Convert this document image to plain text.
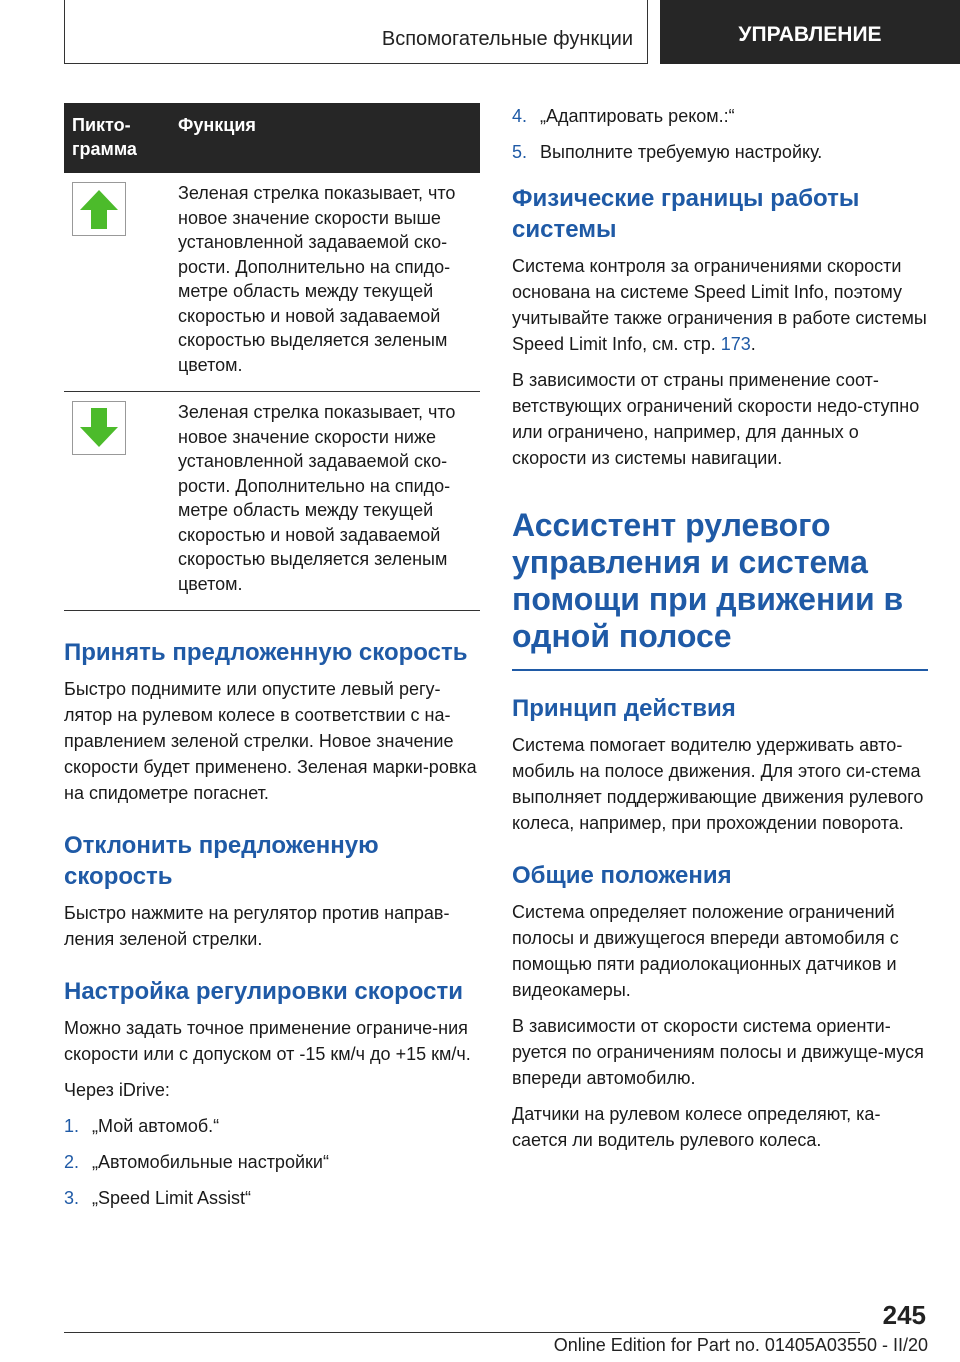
Вспомогательные функции	УПРАВЛЕНИЕ
Пикто-
грамма	Функция

	Зеленая стрелка показывает, что новое значение скорости выше установленной задаваемой ско-рости. Дополнительно на спидо-метре область между текущей скоростью и новой задаваемой скоростью выделяется зеленым цветом.

	Зеленая стрелка показывает, что новое значение скорости ниже установленной задаваемой ско-рости. Дополнительно на спидо-метре область между текущей скоростью и новой задаваемой скоростью выделяется зеленым цветом.
Принять предложенную скорость

Быстро поднимите или опустите левый регу-лятор на рулевом колесе в соответствии с на-правлением зеленой стрелки. Новое значение скорости будет применено. Зеленая марки-ровка на спидометре погаснет.

Отклонить предложенную скорость

Быстро нажмите на регулятор против направ-ления зеленой стрелки.

Настройка регулировки скорости

Можно задать точное применение ограниче-ния скорости или с допуском от -15 км/ч до +15 км/ч.

Через iDrive:

1. „Мой автомоб.“
2. „Автомобильные настройки“
3. „Speed Limit Assist“
4. „Адаптировать реком.:“
5. Выполните требуемую настройку.
Физические границы работы системы

Система контроля за ограничениями скорости основана на системе Speed Limit Info, поэтому учитывайте также ограничения в работе системы Speed Limit Info, см. стр. 173.

В зависимости от страны применение соот-ветствующих ограничений скорости недо-ступно или ограничено, например, для данных о скорости из системы навигации.

Ассистент рулевого управления и система помощи при движении в одной полосе
Принцип действия

Система помогает водителю удерживать авто-мобиль на полосе движения. Для этого си-стема выполняет поддерживающие движения рулевого колеса, например, при прохождении поворота.

Общие положения

Система определяет положение ограничений полосы и движущегося впереди автомобиля с помощью пяти радиолокационных датчиков и видеокамеры.

В зависимости от скорости система ориенти-руется по ограничениям полосы и движуще-муся впереди автомобилю.

Датчики на рулевом колесе определяют, ка-сается ли водитель рулевого колеса.

245
Online Edition for Part no. 01405A03550 - II/20
